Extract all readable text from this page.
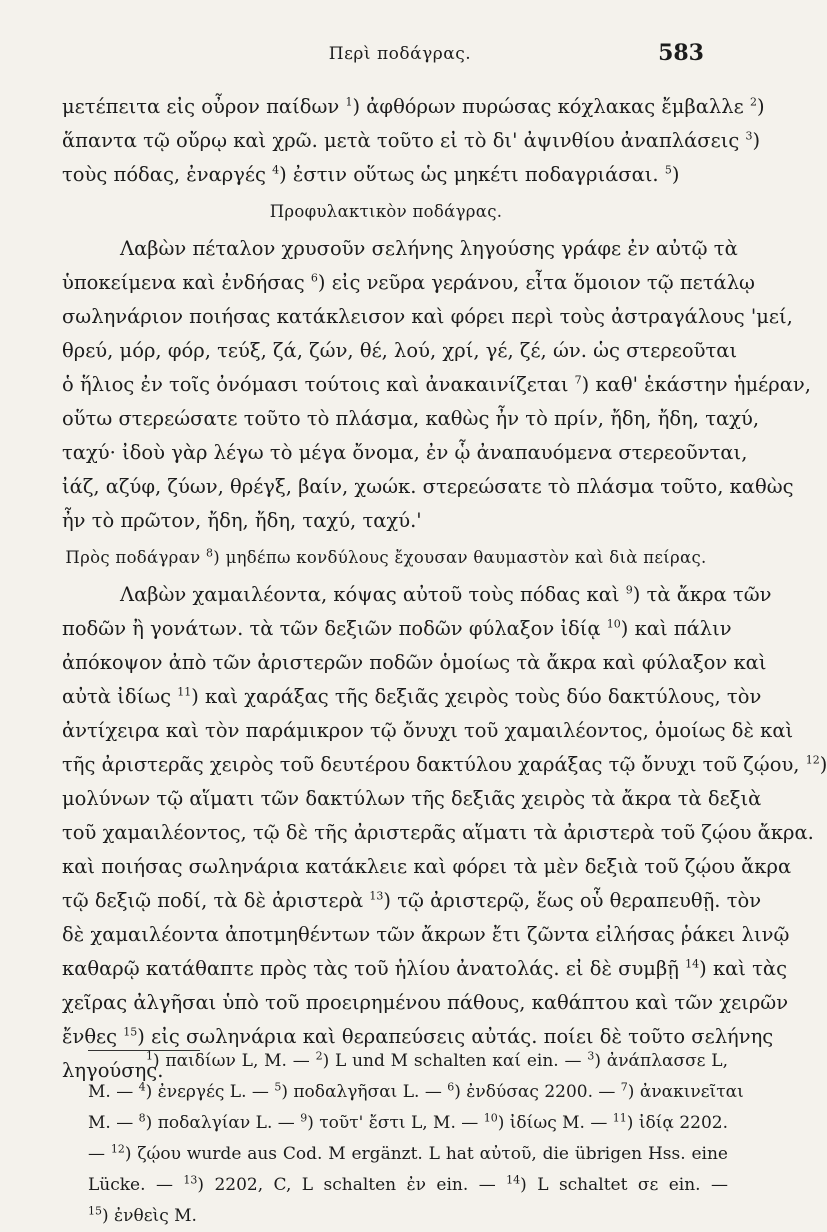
Περὶ ποδάγρας.	583
μετέπειτα εἰς οὖρον παίδων $^1$) ἀφθόρων πυρώσας κόχλακας ἔμβαλλε $^2$)
ἅπαντα τῷ οὔρῳ καὶ χρῶ. μετὰ τοῦτο εἰ τὸ δι' ἀψινθίου ἀναπλάσεις $^3$)
τοὺς πόδας, ἐναργές $^4$) ἐστιν οὕτως ὡς μηκέτι ποδαγριάσαι. $^5$)
Προφυλακτικὸν ποδάγρας.
Λαβὼν πέταλον χρυσοῦν σελήνης ληγούσης γράφε ἐν αὐτῷ τὰ
ὑποκείμενα καὶ ἐνδήσας $^6$) εἰς νεῦρα γεράνου, εἶτα ὅμοιον τῷ πετάλῳ
σωληνάριον ποιήσας κατάκλεισον καὶ φόρει περὶ τοὺς ἀστραγάλους 'μεί,
θρεύ, μόρ, φόρ, τεύξ, ζά, ζών, θέ, λού, χρί, γέ, ζέ, ών. ὡς στερεοῦται
ὁ ἥλιος ἐν τοῖς ὀνόμασι τούτοις καὶ ἀνακαινίζεται $^7$) καθ' ἑκάστην ἡμέραν,
οὕτω στερεώσατε τοῦτο τὸ πλάσμα, καθὼς ἦν τὸ πρίν, ἤδη, ἤδη, ταχύ,
ταχύ· ἰδοὺ γὰρ λέγω τὸ μέγα ὄνομα, ἐν ᾧ ἀναπαυόμενα στερεοῦνται,
ἰάζ, αζύφ, ζύων, θρέγξ, βαίν, χωώκ. στερεώσατε τὸ πλάσμα τοῦτο, καθὼς
ἦν τὸ πρῶτον, ἤδη, ἤδη, ταχύ, ταχύ.'
Πρὸς ποδάγραν $^8$) μηδέπω κονδύλους ἔχουσαν θαυμαστὸν καὶ διὰ πείρας.
Λαβὼν χαμαιλέοντα, κόψας αὐτοῦ τοὺς πόδας καὶ $^9$) τὰ ἄκρα τῶν
ποδῶν ἢ γονάτων. τὰ τῶν δεξιῶν ποδῶν φύλαξον ἰδίᾳ $^{10}$) καὶ πάλιν
ἀπόκοψον ἀπὸ τῶν ἀριστερῶν ποδῶν ὁμοίως τὰ ἄκρα καὶ φύλαξον καὶ
αὐτὰ ἰδίως $^{11}$) καὶ χαράξας τῆς δεξιᾶς χειρὸς τοὺς δύο δακτύλους, τὸν
ἀντίχειρα καὶ τὸν παράμικρον τῷ ὄνυχι τοῦ χαμαιλέοντος, ὁμοίως δὲ καὶ
τῆς ἀριστερᾶς χειρὸς τοῦ δευτέρου δακτύλου χαράξας τῷ ὄνυχι τοῦ ζῴου, $^{12}$)
μολύνων τῷ αἵματι τῶν δακτύλων τῆς δεξιᾶς χειρὸς τὰ ἄκρα τὰ δεξιὰ
τοῦ χαμαιλέοντος, τῷ δὲ τῆς ἀριστερᾶς αἵματι τὰ ἀριστερὰ τοῦ ζῴου ἄκρα.
καὶ ποιήσας σωληνάρια κατάκλειε καὶ φόρει τὰ μὲν δεξιὰ τοῦ ζῴου ἄκρα
τῷ δεξιῷ ποδί, τὰ δὲ ἀριστερὰ $^{13}$) τῷ ἀριστερῷ, ἕως οὗ θεραπευθῇ. τὸν
δὲ χαμαιλέοντα ἀποτμηθέντων τῶν ἄκρων ἔτι ζῶντα εἰλήσας ῥάκει λινῷ
καθαρῷ κατάθαπτε πρὸς τὰς τοῦ ἡλίου ἀνατολάς. εἰ δὲ συμβῇ $^{14}$) καὶ τὰς
χεῖρας ἀλγῆσαι ὑπὸ τοῦ προειρημένου πάθους, καθάπτου καὶ τῶν χειρῶν
ἔνθες $^{15}$) εἰς σωληνάρια καὶ θεραπεύσεις αὐτάς. ποίει δὲ τοῦτο σελήνης
ληγούσης.
$^1$) παιδίων L, M. — $^2$) L und M schalten καί ein. — $^3$) ἀνάπλασσε L,
M. — $^4$) ἐνεργές L. — $^5$) ποδαλγῆσαι L. — $^6$) ἐνδύσας 2200. — $^7$) ἀνακινεῖται
M. — $^8$) ποδαλγίαν L. — $^9$) τοῦτ' ἔστι L, M. — $^{10}$) ἰδίως M. — $^{11}$) ἰδίᾳ 2202.
— $^{12}$) ζῴου wurde aus Cod. M ergänzt. L hat αὐτοῦ, die übrigen Hss. eine
Lücke. — $^{13}$) 2202, C, L schalten ἐν ein. — $^{14}$) L schaltet σε ein. —
$^{15}$) ἐνθεὶς M.
